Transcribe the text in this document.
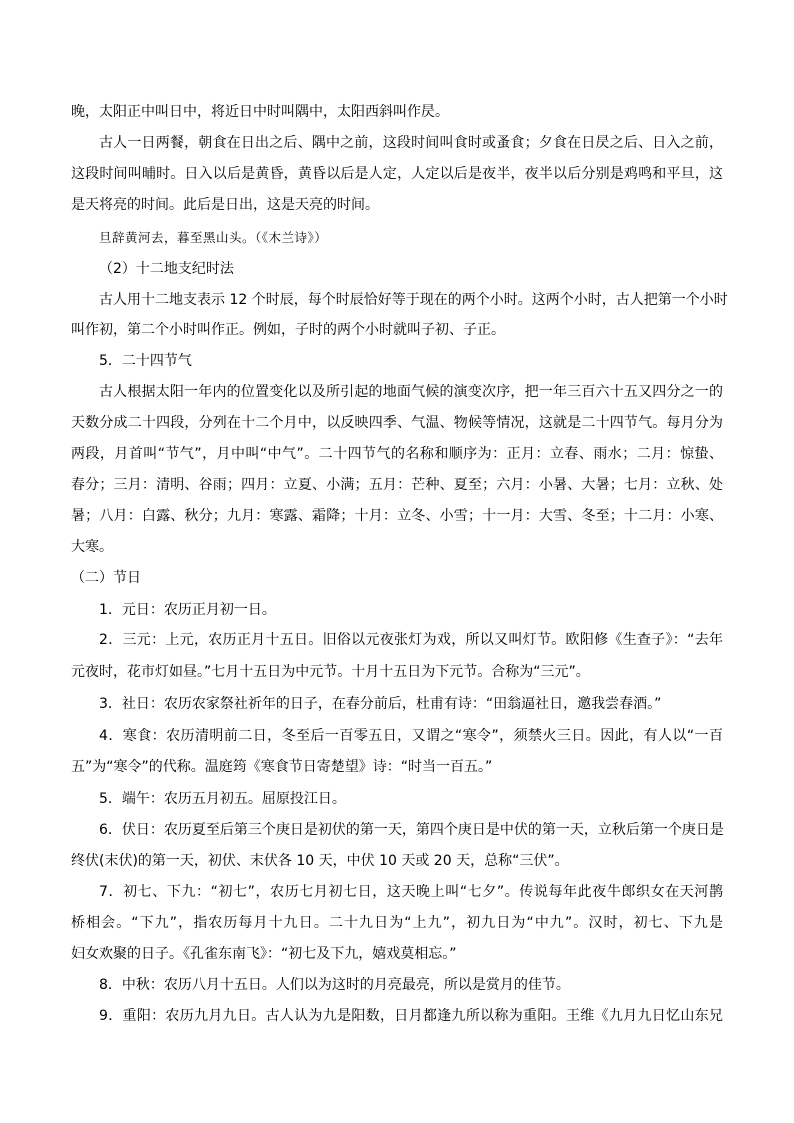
晚，太阳正中叫日中，将近日中时叫隅中，太阳西斜叫作昃。
古人一日两餐，朝食在日出之后、隅中之前，这段时间叫食时或蚤食；夕食在日昃之后、日入之前，
这段时间叫晡时。日入以后是黄昏，黄昏以后是人定，人定以后是夜半，夜半以后分别是鸡鸣和平旦，这
是天将亮的时间。此后是日出，这是天亮的时间。
旦辞黄河去，暮至黑山头。（《木兰诗》）
（2）十二地支纪时法
古人用十二地支表示 12 个时辰，每个时辰恰好等于现在的两个小时。这两个小时，古人把第一个小时
叫作初，第二个小时叫作正。例如，子时的两个小时就叫子初、子正。
5．二十四节气
古人根据太阳一年内的位置变化以及所引起的地面气候的演变次序，把一年三百六十五又四分之一的
天数分成二十四段，分列在十二个月中，以反映四季、气温、物候等情况，这就是二十四节气。每月分为
两段，月首叫“节气”，月中叫“中气”。二十四节气的名称和顺序为：正月：立春、雨水；二月：惊蛰、
春分；三月：清明、谷雨；四月：立夏、小满；五月：芒种、夏至；六月：小暑、大暑；七月：立秋、处
暑；八月：白露、秋分；九月：寒露、霜降；十月：立冬、小雪；十一月：大雪、冬至；十二月：小寒、
大寒。
（二）节日
1．元日：农历正月初一日。
2．三元：上元，农历正月十五日。旧俗以元夜张灯为戏，所以又叫灯节。欧阳修《生查子》：“去年
元夜时，花市灯如昼。”七月十五日为中元节。十月十五日为下元节。合称为“三元”。
3．社日：农历农家祭社祈年的日子，在春分前后，杜甫有诗：“田翁逼社日，邀我尝春酒。”
4．寒食：农历清明前二日，冬至后一百零五日，又谓之“寒令”，须禁火三日。因此，有人以“一百
五”为“寒令”的代称。温庭筠《寒食节日寄楚望》诗：“时当一百五。”
5．端午：农历五月初五。屈原投江日。
6．伏日：农历夏至后第三个庚日是初伏的第一天，第四个庚日是中伏的第一天，立秋后第一个庚日是
终伏(末伏)的第一天，初伏、末伏各 10 天，中伏 10 天或 20 天，总称“三伏”。
7．初七、下九：“初七”，农历七月初七日，这天晚上叫“七夕”。传说每年此夜牛郎织女在天河鹊
桥相会。“下九”，指农历每月十九日。二十九日为“上九”，初九日为“中九”。汉时，初七、下九是
妇女欢聚的日子。《孔雀东南飞》：“初七及下九，嬉戏莫相忘。”
8．中秋：农历八月十五日。人们以为这时的月亮最亮，所以是赏月的佳节。
9．重阳：农历九月九日。古人认为九是阳数，日月都逢九所以称为重阳。王维《九月九日忆山东兄
